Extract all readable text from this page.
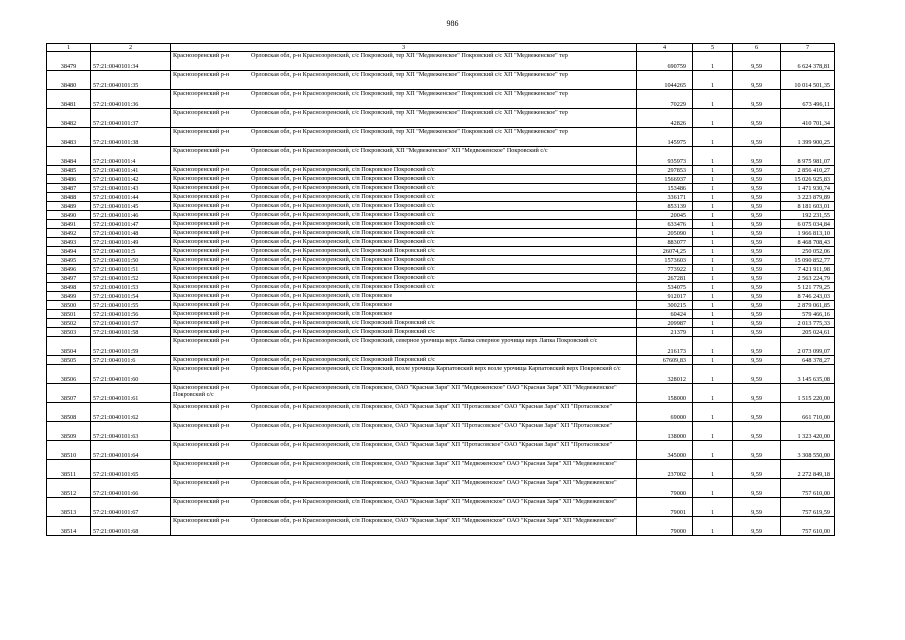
986
1	2	3	4	5	6	7
38479	57:21:0040101:34	Краснозоренский р-н Орловская обл, р-н Краснозоренский, с/с Покровский, тер ХП "Медвеженское" Покровский с/с ХП "Медвеженское" тер	690759	1	9,59	6 624 378,81
38480	57:21:0040101:35	Краснозоренский р-н Орловская обл, р-н Краснозоренский, с/с Покровский, тер ХП "Медвеженское" Покровский с/с ХП "Медвеженское" тер	1044265	1	9,59	10 014 501,35
38481	57:21:0040101:36	Краснозоренский р-н Орловская обл, р-н Краснозоренский, с/с Покровский, тер ХП "Медвеженское" Покровский с/с ХП "Медвеженское" тер	70229	1	9,59	673 496,11
38482	57:21:0040101:37	Краснозоренский р-н Орловская обл, р-н Краснозоренский, с/с Покровский, тер ХП "Медвеженское" Покровский с/с ХП "Медвеженское" тер	42826	1	9,59	410 701,34
38483	57:21:0040101:38	Краснозоренский р-н Орловская обл, р-н Краснозоренский, с/с Покровский, тер ХП "Медвеженское" Покровский с/с ХП "Медвеженское" тер	145975	1	9,59	1 399 900,25
38484	57:21:0040101:4	Краснозоренский р-н Орловская обл, р-н Краснозоренский, с/с Покровский, ХП "Медвеженское" ХП "Медвеженское" Покровский с/с	935973	1	9,59	8 975 981,07
38485	57:21:0040101:41	Краснозоренский р-н Орловская обл, р-н Краснозоренский, с/п Покровское Покровский с/с	297853	1	9,59	2 856 410,27
38486	57:21:0040101:42	Краснозоренский р-н Орловская обл, р-н Краснозоренский, с/п Покровское Покровский с/с	1566937	1	9,59	15 026 925,83
38487	57:21:0040101:43	Краснозоренский р-н Орловская обл, р-н Краснозоренский, с/п Покровское Покровский с/с	153486	1	9,59	1 471 930,74
38488	57:21:0040101:44	Краснозоренский р-н Орловская обл, р-н Краснозоренский, с/п Покровское Покровский с/с	336171	1	9,59	3 223 879,89
38489	57:21:0040101:45	Краснозоренский р-н Орловская обл, р-н Краснозоренский, с/п Покровское Покровский с/с	853139	1	9,59	8 181 603,01
38490	57:21:0040101:46	Краснозоренский р-н Орловская обл, р-н Краснозоренский, с/п Покровское Покровский с/с	20045	1	9,59	192 231,55
38491	57:21:0040101:47	Краснозоренский р-н Орловская обл, р-н Краснозоренский, с/п Покровское Покровский с/с	633476	1	9,59	6 075 034,84
38492	57:21:0040101:48	Краснозоренский р-н Орловская обл, р-н Краснозоренский, с/п Покровское Покровский с/с	205090	1	9,59	1 966 813,10
38493	57:21:0040101:49	Краснозоренский р-н Орловская обл, р-н Краснозоренский, с/п Покровское Покровский с/с	883077	1	9,59	8 468 708,43
38494	57:21:0040101:5	Краснозоренский р-н Орловская обл, р-н Краснозоренский, с/с Покровский Покровский с/с	26074,25	1	9,59	250 052,06
38495	57:21:0040101:50	Краснозоренский р-н Орловская обл, р-н Краснозоренский, с/п Покровское Покровский с/с	1573603	1	9,59	15 090 852,77
38496	57:21:0040101:51	Краснозоренский р-н Орловская обл, р-н Краснозоренский, с/п Покровское Покровский с/с	773922	1	9,59	7 421 911,98
38497	57:21:0040101:52	Краснозоренский р-н Орловская обл, р-н Краснозоренский, с/п Покровское Покровский с/с	267281	1	9,59	2 563 224,79
38498	57:21:0040101:53	Краснозоренский р-н Орловская обл, р-н Краснозоренский, с/п Покровское Покровский с/с	534075	1	9,59	5 121 779,25
38499	57:21:0040101:54	Краснозоренский р-н Орловская обл, р-н Краснозоренский, с/п Покровское	912017	1	9,59	8 746 243,03
38500	57:21:0040101:55	Краснозоренский р-н Орловская обл, р-н Краснозоренский, с/п Покровское	300215	1	9,59	2 879 061,85
38501	57:21:0040101:56	Краснозоренский р-н Орловская обл, р-н Краснозоренский, с/п Покровское	60424	1	9,59	579 466,16
38502	57:21:0040101:57	Краснозоренский р-н Орловская обл, р-н Краснозоренский, с/с Покровский Покровский с/с	209987	1	9,59	2 013 775,33
38503	57:21:0040101:58	Краснозоренский р-н Орловская обл, р-н Краснозоренский, с/с Покровский Покровский с/с	21379	1	9,59	205 024,61
38504	57:21:0040101:59	Краснозоренский р-н Орловская обл, р-н Краснозоренский, с/с Покровский, северное урочища верх Лапка северное урочища верх Лапка Покровский с/с	216173	1	9,59	2 073 099,07
38505	57:21:0040101:6	Краснозоренский р-н Орловская обл, р-н Краснозоренский, с/с Покровский Покровский с/с	67609,83	1	9,59	648 378,27
38506	57:21:0040101:60	Краснозоренский р-н Орловская обл, р-н Краснозоренский, с/с Покровский, возле урочища Карпатовский верх возле урочища Карпатовский верх Покровский с/с	328012	1	9,59	3 145 635,08
38507	57:21:0040101:61	Краснозоренский р-н Орловская обл, р-н Краснозоренский, с/п Покровское, ОАО "Красная Заря" ХП "Медвеженское" ОАО "Красная Заря" ХП "Медвеженское" Покровский с/с	158000	1	9,59	1 515 220,00
38508	57:21:0040101:62	Краснозоренский р-н Орловская обл, р-н Краснозоренский, с/п Покровское, ОАО "Красная Заря" ХП "Протасовское" ОАО "Красная Заря" ХП "Протасовское"	69000	1	9,59	661 710,00
38509	57:21:0040101:63	Краснозоренский р-н Орловская обл, р-н Краснозоренский, с/п Покровское, ОАО "Красная Заря" ХП "Протасовское" ОАО "Красная Заря" ХП "Протасовское"	138000	1	9,59	1 323 420,00
38510	57:21:0040101:64	Краснозоренский р-н Орловская обл, р-н Краснозоренский, с/п Покровское, ОАО "Красная Заря" ХП "Протасовское" ОАО "Красная Заря" ХП "Протасовское"	345000	1	9,59	3 308 550,00
38511	57:21:0040101:65	Краснозоренский р-н Орловская обл, р-н Краснозоренский, с/п Покровское, ОАО "Красная Заря" ХП "Медвеженское" ОАО "Красная Заря" ХП "Медвеженское"	237002	1	9,59	2 272 849,18
38512	57:21:0040101:66	Краснозоренский р-н Орловская обл, р-н Краснозоренский, с/п Покровское, ОАО "Красная Заря" ХП "Медвеженское" ОАО "Красная Заря" ХП "Медвеженское"	79000	1	9,59	757 610,00
38513	57:21:0040101:67	Краснозоренский р-н Орловская обл, р-н Краснозоренский, с/п Покровское, ОАО "Красная Заря" ХП "Медвеженское" ОАО "Красная Заря" ХП "Медвеженское"	79001	1	9,59	757 619,59
38514	57:21:0040101:68	Краснозоренский р-н Орловская обл, р-н Краснозоренский, с/п Покровское, ОАО "Красная Заря" ХП "Медвеженское" ОАО "Красная Заря" ХП "Медвеженское"	79000	1	9,59	757 610,00
